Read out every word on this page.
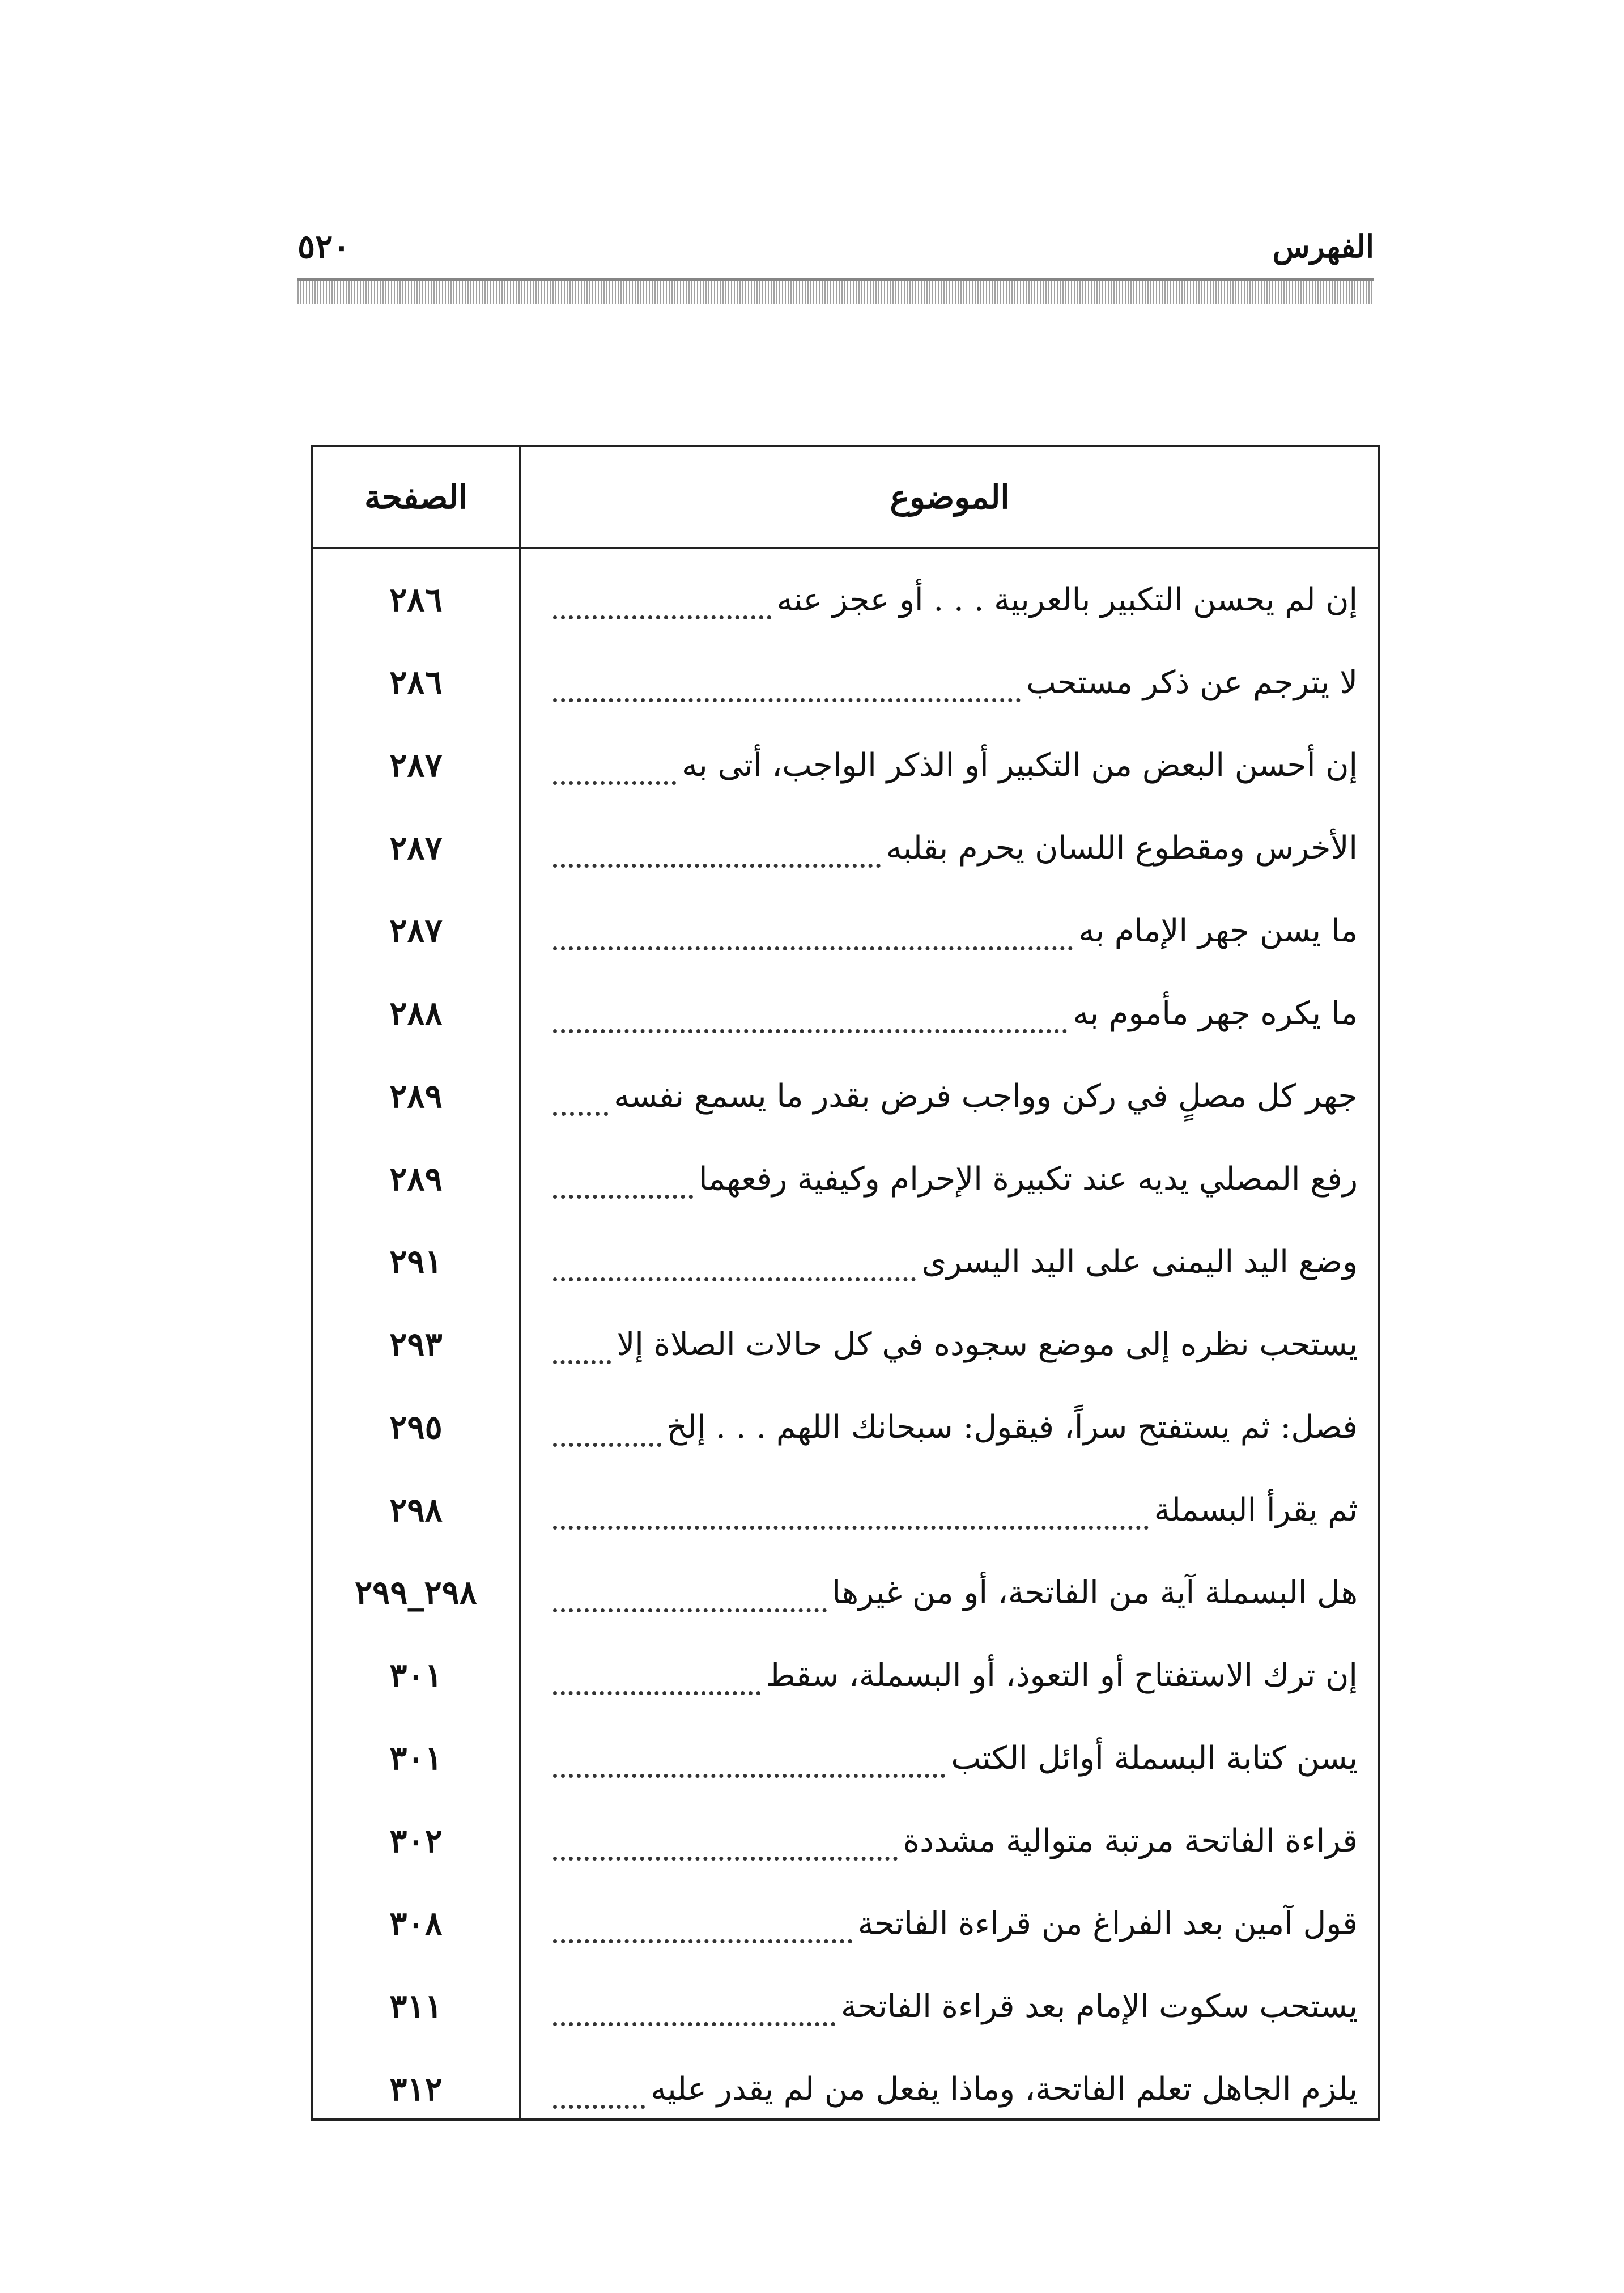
الفهرس
٥٢٠
الموضوع
الصفحة
إن لم يحسن التكبير بالعربية . . . أو عجز عنه
٢٨٦
لا يترجم عن ذكر مستحب
٢٨٦
إن أحسن البعض من التكبير أو الذكر الواجب، أتى به
٢٨٧
الأخرس ومقطوع اللسان يحرم بقلبه
٢٨٧
ما يسن جهر الإمام به
٢٨٧
ما يكره جهر مأموم به
٢٨٨
جهر كل مصلٍ في ركن وواجب فرض بقدر ما يسمع نفسه
٢٨٩
رفع المصلي يديه عند تكبيرة الإحرام وكيفية رفعهما
٢٨٩
وضع اليد اليمنى على اليد اليسرى
٢٩١
يستحب نظره إلى موضع سجوده في كل حالات الصلاة إلا
٢٩٣
فصل: ثم يستفتح سراً، فيقول: سبحانك اللهم . . . إلخ
٢٩٥
ثم يقرأ البسملة
٢٩٨
هل البسملة آية من الفاتحة، أو من غيرها
٢٩٨_٢٩٩
إن ترك الاستفتاح أو التعوذ، أو البسملة، سقط
٣٠١
يسن كتابة البسملة أوائل الكتب
٣٠١
قراءة الفاتحة مرتبة متوالية مشددة
٣٠٢
قول آمين بعد الفراغ من قراءة الفاتحة
٣٠٨
يستحب سكوت الإمام بعد قراءة الفاتحة
٣١١
يلزم الجاهل تعلم الفاتحة، وماذا يفعل من لم يقدر عليه
٣١٢
